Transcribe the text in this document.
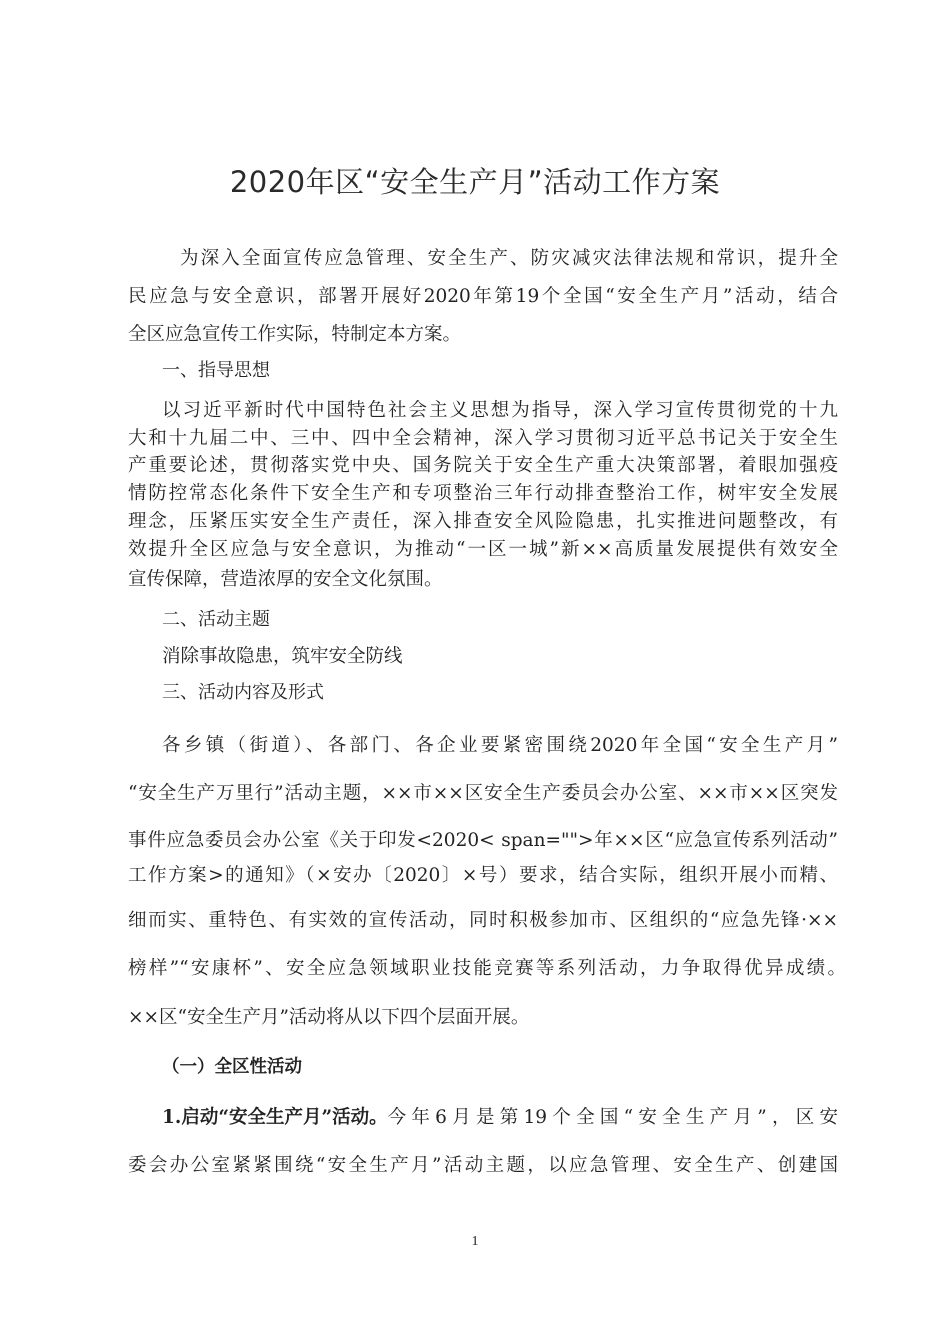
2020年区“安全生产月”活动工作方案
为深入全面宣传应急管理、安全生产、防灾减灾法律法规和常识，提升全
民应急与安全意识，部署开展好2020年第19个全国“安全生产月”活动，结合
全区应急宣传工作实际，特制定本方案。
一、指导思想
以习近平新时代中国特色社会主义思想为指导，深入学习宣传贯彻党的十九
大和十九届二中、三中、四中全会精神，深入学习贯彻习近平总书记关于安全生
产重要论述，贯彻落实党中央、国务院关于安全生产重大决策部署，着眼加强疫
情防控常态化条件下安全生产和专项整治三年行动排查整治工作，树牢安全发展
理念，压紧压实安全生产责任，深入排查安全风险隐患，扎实推进问题整改，有
效提升全区应急与安全意识，为推动“一区一城”新××高质量发展提供有效安全
宣传保障，营造浓厚的安全文化氛围。
二、活动主题
消除事故隐患，筑牢安全防线
三、活动内容及形式
各乡镇（街道）、各部门、各企业要紧密围绕2020年全国“安全生产月”
“安全生产万里行”活动主题，××市××区安全生产委员会办公室、××市××区突发
事件应急委员会办公室《关于印发<2020< span="">年××区“应急宣传系列活动”
工作方案>的通知》（×安办〔2020〕×号）要求，结合实际，组织开展小而精、
细而实、重特色、有实效的宣传活动，同时积极参加市、区组织的“应急先锋·××
榜样”“安康杯”、安全应急领域职业技能竞赛等系列活动，力争取得优异成绩。
××区“安全生产月”活动将从以下四个层面开展。
（一）全区性活动
1.启动“安全生产月”活动。 今年6月是第19个全国“安全生产月”，区安
委会办公室紧紧围绕“安全生产月”活动主题，以应急管理、安全生产、创建国
1
